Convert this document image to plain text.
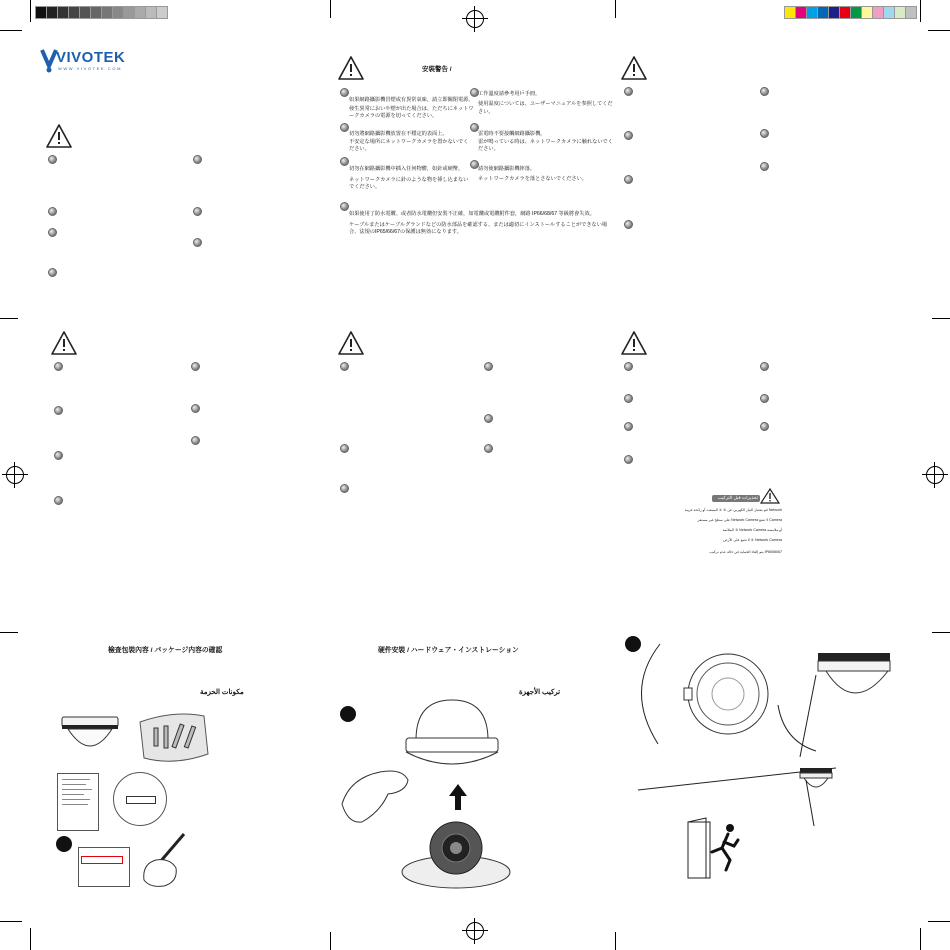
VIVOTEK
WWW.VIVOTEK.COM	安裝警告 /
如果網路攝影機冒煙或有異常氣味，請立即關閉電源。
發生異常においや煙が出た場合は、ただちにネットワ
ークカメラの電源を切ってください。
切勿將網路攝影機放置在不穩定的表面上。
不安定な場所にネットワークカメラを置かないでく
ださい。
切勿在網路攝影機中插入任何物體，如針或硬幣。
ネットワークカメラに針のような物を挿し込まない
でください。
工作溫度請參考用戶手冊。
使用温度については、ユーザーマニュアルを参照してくだ
さい。
雷電時不要接觸網路攝影機。
雷が鳴っている時は、ネットワークカメラに触れないでく
ださい。
請勿使網路攝影機摔落。
ネットワークカメラを落とさないでください。
如果使用了防水電纜、或者防水電纜但安裝不正確，如電纜或電纜附件套，網路 IP66/68/67 等級將會失效。
ケーブルまたはケーブルグランドなどの防水部品を確認する、または適切にインストールすることができない場
合、法規のIP65/66/67の保護は無効になります。
تحذيرات قبل التركيب
Network قم بفصل التيار الكهربي عن ② ① المنبعث أو رائحة غريبة
Camera لا تضع Network Camera على سطح غير مستقر
أو ملامسة Network Camera ③ الملائمة
Network Camera ② لا تضع على الأرض
IP65/66/67 يتم إلغاء الحماية في حالة عدم تركيب
檢查包裝內容 / パッケージ内容の確認
مكونات الحزمة
硬件安裝 / ハードウェア・インストレーション
تركيب الأجهزة
